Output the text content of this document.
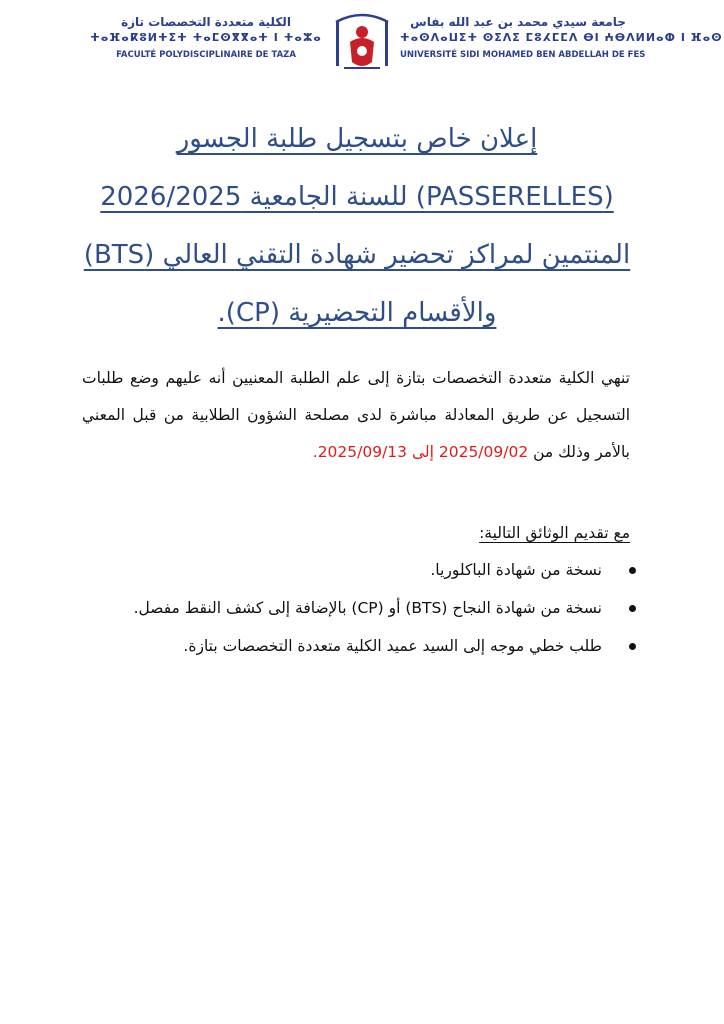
جامعة سيدي محمد بن عبد الله بفاس
ⵜⴰⵙⴷⴰⵡⵉⵜ ⵙⵉⴷⵉ ⵎⵓⵃⵎⵎⴷ ⴱⵏ ⵄⴱⴷⵍⵍⴰⵀ ⵏ ⴼⴰⵙ
UNIVERSITÉ SIDI MOHAMED BEN ABDELLAH DE FES
الكلية متعددة التخصصات تازة
ⵜⴰⴼⴰⴽⵓⵍⵜⵉⵜ ⵜⴰⵎⵙⴳⴳⴰⵜ ⵏ ⵜⴰⵣⴰ
FACULTÉ POLYDISCIPLINAIRE DE TAZA
إعلان خاص بتسجيل طلبة الجسور
(PASSERELLES) للسنة الجامعية 2026/2025
المنتمين لمراكز تحضير شهادة التقني العالي (BTS)
والأقسام التحضيرية (CP).

تنهي الكلية متعددة التخصصات بتازة إلى علم الطلبة المعنيين أنه عليهم وضع طلبات التسجيل عن طريق المعادلة مباشرة لدى مصلحة الشؤون الطلابية من قبل المعني بالأمر وذلك من 2025/09/02 إلى 2025/09/13.

مع تقديم الوثائق التالية:
نسخة من شهادة الباكلوريا.
نسخة من شهادة النجاح (BTS) أو (CP) بالإضافة إلى كشف النقط مفصل.
طلب خطي موجه إلى السيد عميد الكلية متعددة التخصصات بتازة.
